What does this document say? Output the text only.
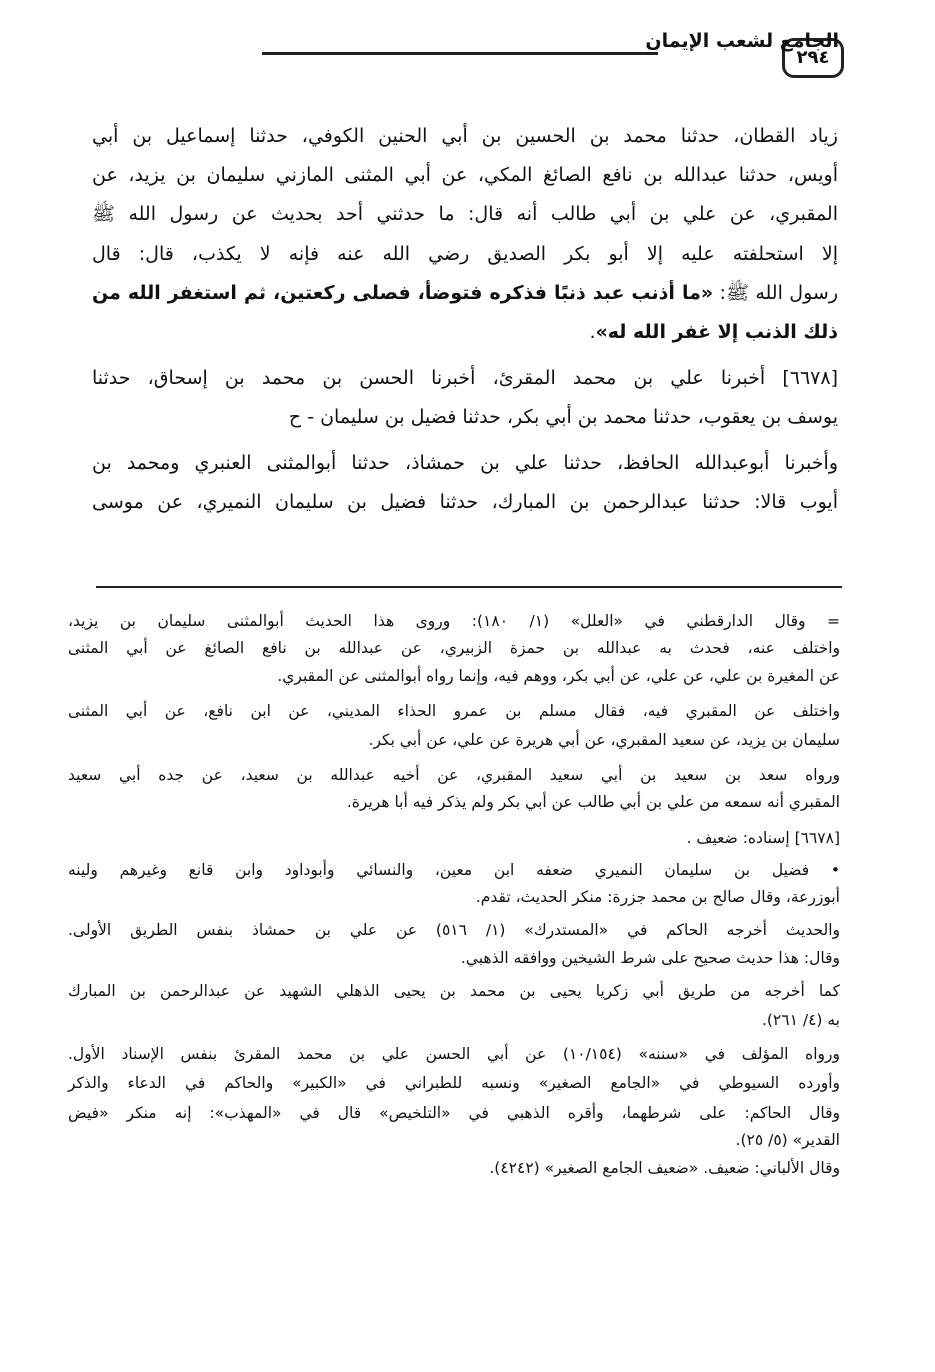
٢٩٤
الجامع لشعب الإيمان
زياد القطان، حدثنا محمد بن الحسين بن أبي الحنين الكوفي، حدثنا إسماعيل بن أبي
أويس، حدثنا عبدالله بن نافع الصائغ المكي، عن أبي المثنى المازني سليمان بن يزيد، عن
المقبري، عن علي بن أبي طالب أنه قال: ما حدثني أحد بحديث عن رسول الله ﷺ
إلا استحلفته عليه إلا أبو بكر الصديق رضي الله عنه فإنه لا يكذب، قال: قال
رسول الله ﷺ: «ما أذنب عبد ذنبًا فذكره فتوضأ، فصلى ركعتين، ثم استغفر الله من
ذلك الذنب إلا غفر الله له».
[٦٦٧٨] أخبرنا علي بن محمد المقرئ، أخبرنا الحسن بن محمد بن إسحاق، حدثنا
يوسف بن يعقوب، حدثنا محمد بن أبي بكر، حدثنا فضيل بن سليمان - ح
وأخبرنا أبوعبدالله الحافظ، حدثنا علي بن حمشاذ، حدثنا أبوالمثنى العنبري ومحمد بن
أيوب قالا: حدثنا عبدالرحمن بن المبارك، حدثنا فضيل بن سليمان النميري، عن موسى
= وقال الدارقطني في «العلل» (١/ ١٨٠): وروى هذا الحديث أبوالمثنى سليمان بن يزيد،
واختلف عنه، فحدث به عبدالله بن حمزة الزبيري، عن عبدالله بن نافع الصائغ عن أبي المثنى
عن المغيرة بن علي، عن علي، عن أبي بكر، ووهم فيه، وإنما رواه أبوالمثنى عن المقبري.
واختلف عن المقبري فيه، فقال مسلم بن عمرو الحذاء المديني، عن ابن نافع، عن أبي المثنى
سليمان بن يزيد، عن سعيد المقبري، عن أبي هريرة عن علي، عن أبي بكر.
ورواه سعد بن سعيد بن أبي سعيد المقبري، عن أخيه عبدالله بن سعيد، عن جده أبي سعيد
المقبري أنه سمعه من علي بن أبي طالب عن أبي بكر ولم يذكر فيه أبا هريرة.
[٦٦٧٨] إسناده: ضعيف .
• فضيل بن سليمان النميري ضعفه ابن معين، والنسائي وأبوداود وابن قانع وغيرهم ولينه
أبوزرعة، وقال صالح بن محمد جزرة: منكر الحديث، تقدم.
والحديث أخرجه الحاكم في «المستدرك» (١/ ٥١٦) عن علي بن حمشاذ بنفس الطريق الأولى.
وقال: هذا حديث صحيح على شرط الشيخين ووافقه الذهبي.
كما أخرجه من طريق أبي زكريا يحيى بن محمد بن يحيى الذهلي الشهيد عن عبدالرحمن بن المبارك
به (٤/ ٢٦١).
ورواه المؤلف في «سننه» (١٠/١٥٤) عن أبي الحسن علي بن محمد المقرئ بنفس الإسناد الأول.
وأورده السيوطي في «الجامع الصغير» ونسبه للطبراني في «الكبير» والحاكم في الدعاء والذكر
وقال الحاكم: على شرطهما، وأقره الذهبي في «التلخيص» قال في «المهذب»: إنه منكر «فيض
القدير» (٥/ ٢٥).
وقال الألباني: ضعيف. «ضعيف الجامع الصغير» (٤٢٤٢).
